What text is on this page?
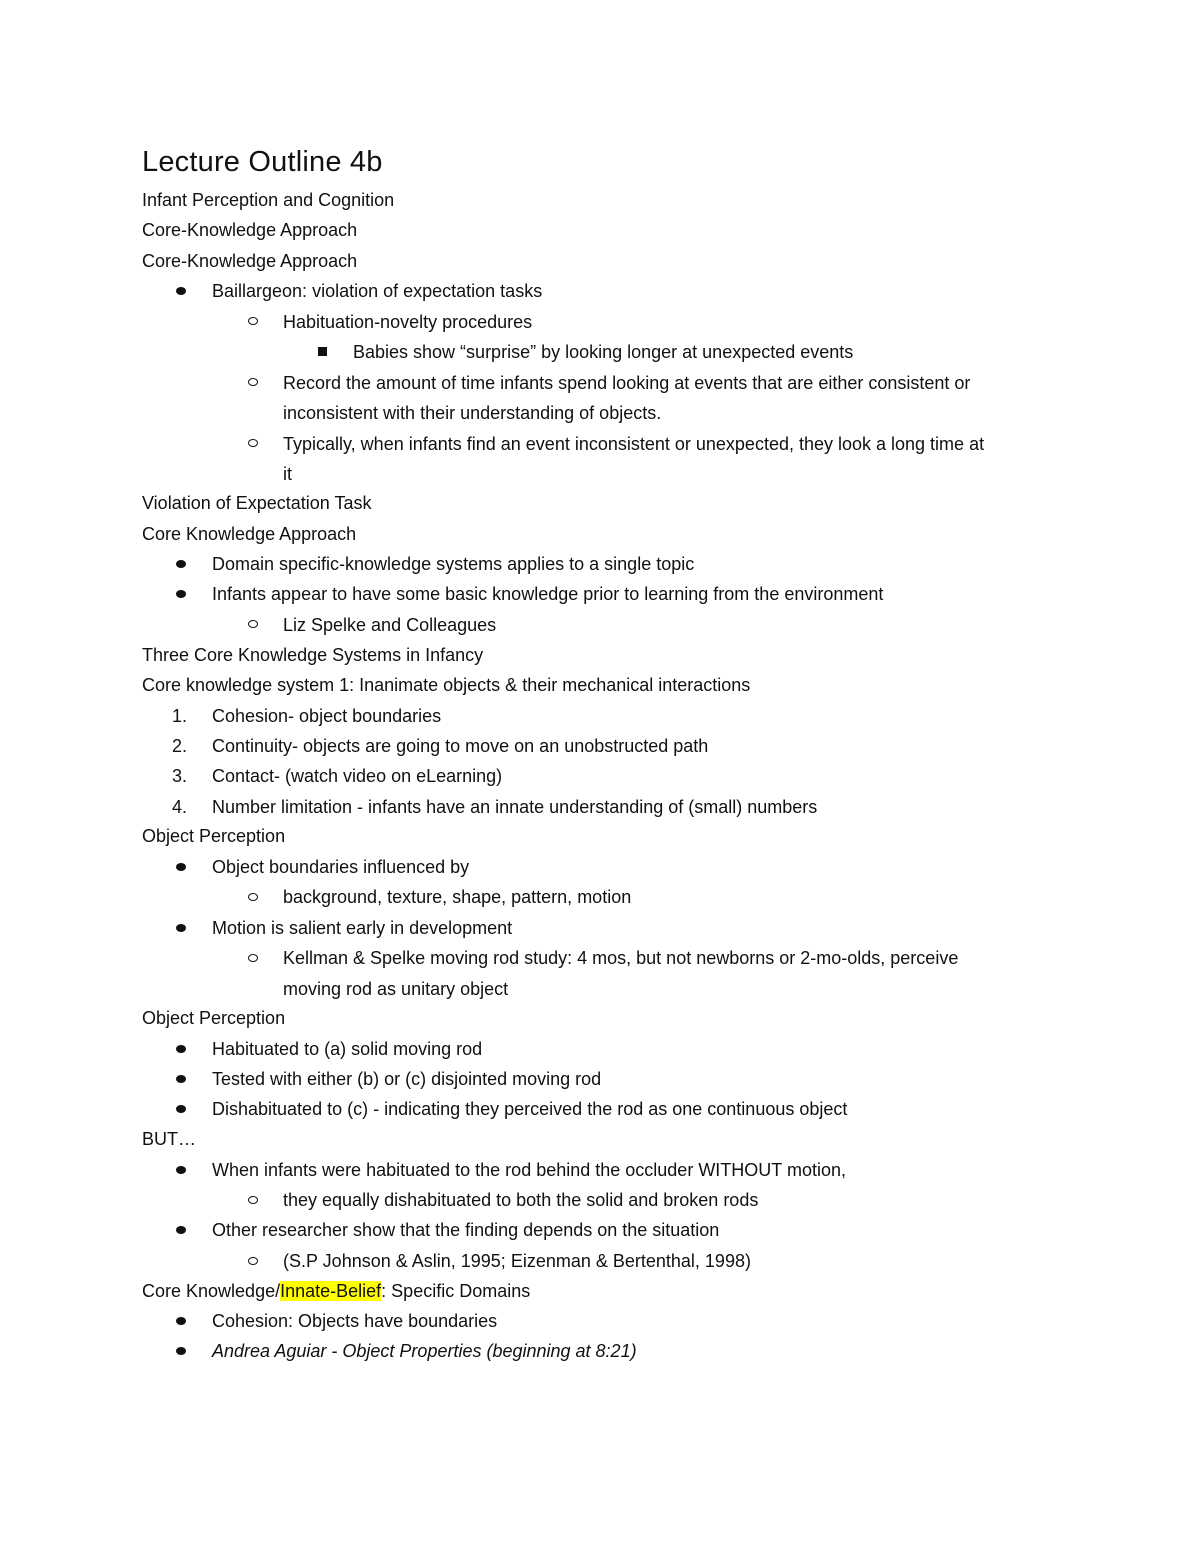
Lecture Outline 4b
Infant Perception and Cognition
Core-Knowledge Approach
Core-Knowledge Approach
Baillargeon: violation of expectation tasks
Habituation-novelty procedures
Babies show “surprise” by looking longer at unexpected events
Record the amount of time infants spend looking at events that are either consistent or
inconsistent with their understanding of objects.
Typically, when infants find an event inconsistent or unexpected, they look a long time at
it
Violation of Expectation Task
Core Knowledge Approach
Domain specific-knowledge systems applies to a single topic
Infants appear to have some basic knowledge prior to learning from the environment
Liz Spelke and Colleagues
Three Core Knowledge Systems in Infancy
Core knowledge system 1: Inanimate objects & their mechanical interactions
1. Cohesion- object boundaries
2. Continuity- objects are going to move on an unobstructed path
3. Contact- (watch video on eLearning)
4. Number limitation - infants have an innate understanding of (small) numbers
Object Perception
Object boundaries influenced by
background, texture, shape, pattern, motion
Motion is salient early in development
Kellman & Spelke moving rod study: 4 mos, but not newborns or 2-mo-olds, perceive
moving rod as unitary object
Object Perception
Habituated to (a) solid moving rod
Tested with either (b) or (c) disjointed moving rod
Dishabituated to (c) - indicating they perceived the rod as one continuous object
BUT…
When infants were habituated to the rod behind the occluder WITHOUT motion,
they equally dishabituated to both the solid and broken rods
Other researcher show that the finding depends on the situation
(S.P Johnson & Aslin, 1995; Eizenman & Bertenthal, 1998)
Core Knowledge/Innate-Belief: Specific Domains
Cohesion: Objects have boundaries
Andrea Aguiar - Object Properties (beginning at 8:21)
